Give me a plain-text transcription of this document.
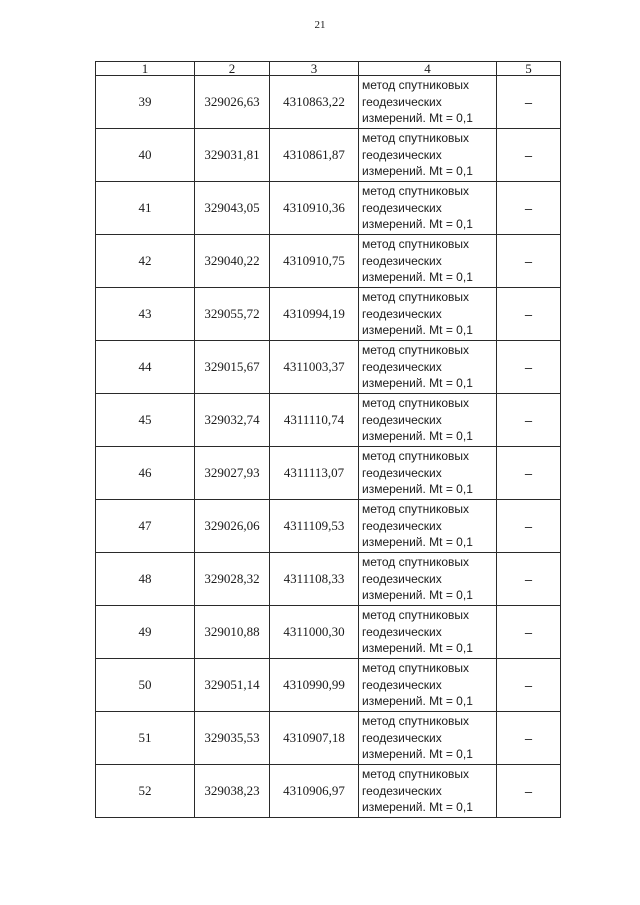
21
1	2	3	4	5
39	329026,63	4310863,22	метод спутниковых
геодезических
измерений. Mt = 0,1	–
40	329031,81	4310861,87	метод спутниковых
геодезических
измерений. Mt = 0,1	–
41	329043,05	4310910,36	метод спутниковых
геодезических
измерений. Mt = 0,1	–
42	329040,22	4310910,75	метод спутниковых
геодезических
измерений. Mt = 0,1	–
43	329055,72	4310994,19	метод спутниковых
геодезических
измерений. Mt = 0,1	–
44	329015,67	4311003,37	метод спутниковых
геодезических
измерений. Mt = 0,1	–
45	329032,74	4311110,74	метод спутниковых
геодезических
измерений. Mt = 0,1	–
46	329027,93	4311113,07	метод спутниковых
геодезических
измерений. Mt = 0,1	–
47	329026,06	4311109,53	метод спутниковых
геодезических
измерений. Mt = 0,1	–
48	329028,32	4311108,33	метод спутниковых
геодезических
измерений. Mt = 0,1	–
49	329010,88	4311000,30	метод спутниковых
геодезических
измерений. Mt = 0,1	–
50	329051,14	4310990,99	метод спутниковых
геодезических
измерений. Mt = 0,1	–
51	329035,53	4310907,18	метод спутниковых
геодезических
измерений. Mt = 0,1	–
52	329038,23	4310906,97	метод спутниковых
геодезических
измерений. Mt = 0,1	–
